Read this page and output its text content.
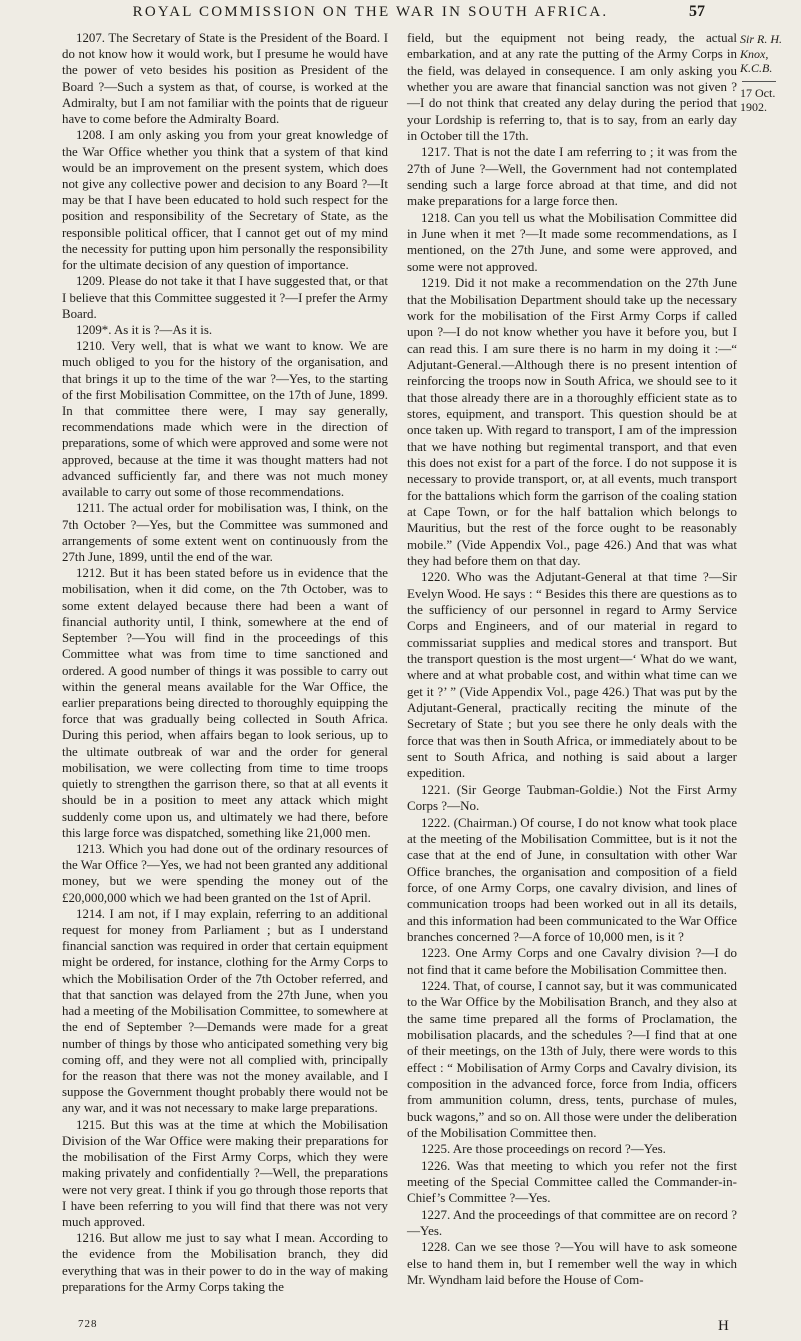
ROYAL COMMISSION ON THE WAR IN SOUTH AFRICA.	57

1207. The Secretary of State is the President of the Board. I do not know how it would work, but I presume he would have the power of veto besides his position as President of the Board ?—Such a system as that, of course, is worked at the Admiralty, but I am not familiar with the points that de rigueur have to come before the Admiralty Board.

1208. I am only asking you from your great knowledge of the War Office whether you think that a system of that kind would be an improvement on the present system, which does not give any collective power and decision to any Board ?—It may be that I have been educated to hold such respect for the position and responsibility of the Secretary of State, as the responsible political officer, that I cannot get out of my mind the necessity for putting upon him personally the responsibility for the ultimate decision of any question of importance.

1209. Please do not take it that I have suggested that, or that I believe that this Committee suggested it ?—I prefer the Army Board.

1209*. As it is ?—As it is.

1210. Very well, that is what we want to know. We are much obliged to you for the history of the organisation, and that brings it up to the time of the war ?—Yes, to the starting of the first Mobilisation Committee, on the 17th of June, 1899. In that committee there were, I may say generally, recommendations made which were in the direction of preparations, some of which were approved and some were not approved, because at the time it was thought matters had not advanced sufficiently far, and there was not much money available to carry out some of those recommendations.

1211. The actual order for mobilisation was, I think, on the 7th October ?—Yes, but the Committee was summoned and arrangements of some extent went on continuously from the 27th June, 1899, until the end of the war.

1212. But it has been stated before us in evidence that the mobilisation, when it did come, on the 7th October, was to some extent delayed because there had been a want of financial authority until, I think, somewhere at the end of September ?—You will find in the proceedings of this Committee what was from time to time sanctioned and ordered. A good number of things it was possible to carry out within the general means available for the War Office, the earlier preparations being directed to thoroughly equipping the force that was gradually being collected in South Africa. During this period, when affairs began to look serious, up to the ultimate outbreak of war and the order for general mobilisation, we were collecting from time to time troops quietly to strengthen the garrison there, so that at all events it should be in a position to meet any attack which might suddenly come upon us, and ultimately we had there, before this large force was dispatched, something like 21,000 men.

1213. Which you had done out of the ordinary resources of the War Office ?—Yes, we had not been granted any additional money, but we were spending the money out of the £20,000,000 which we had been granted on the 1st of April.

1214. I am not, if I may explain, referring to an additional request for money from Parliament ; but as I understand financial sanction was required in order that certain equipment might be ordered, for instance, clothing for the Army Corps to which the Mobilisation Order of the 7th October referred, and that that sanction was delayed from the 27th June, when you had a meeting of the Mobilisation Committee, to somewhere at the end of September ?—Demands were made for a great number of things by those who anticipated something very big coming off, and they were not all complied with, principally for the reason that there was not the money available, and I suppose the Government thought probably there would not be any war, and it was not necessary to make large preparations.

1215. But this was at the time at which the Mobilisation Division of the War Office were making their preparations for the mobilisation of the First Army Corps, which they were making privately and confidentially ?—Well, the preparations were not very great. I think if you go through those reports that I have been referring to you will find that there was not very much approved.

1216. But allow me just to say what I mean. According to the evidence from the Mobilisation branch, they did everything that was in their power to do in the way of making preparations for the Army Corps taking the

field, but the equipment not being ready, the actual embarkation, and at any rate the putting of the Army Corps in the field, was delayed in consequence. I am only asking you whether you are aware that financial sanction was not given ?—I do not think that created any delay during the period that your Lordship is referring to, that is to say, from an early day in October till the 17th.

1217. That is not the date I am referring to ; it was from the 27th of June ?—Well, the Government had not contemplated sending such a large force abroad at that time, and did not make preparations for a large force then.

1218. Can you tell us what the Mobilisation Committee did in June when it met ?—It made some recommendations, as I mentioned, on the 27th June, and some were approved, and some were not approved.

1219. Did it not make a recommendation on the 27th June that the Mobilisation Department should take up the necessary work for the mobilisation of the First Army Corps if called upon ?—I do not know whether you have it before you, but I can read this. I am sure there is no harm in my doing it :—“ Adjutant-General.—Although there is no present intention of reinforcing the troops now in South Africa, we should see to it that those already there are in a thoroughly efficient state as to stores, equipment, and transport. This question should be at once taken up. With regard to transport, I am of the impression that we have nothing but regimental transport, and that even this does not exist for a part of the force. I do not suppose it is necessary to provide transport, or, at all events, much transport for the battalions which form the garrison of the coaling station at Cape Town, or for the half battalion which belongs to Mauritius, but the rest of the force ought to be reasonably mobile.” (Vide Appendix Vol., page 426.) And that was what they had before them on that day.

1220. Who was the Adjutant-General at that time ?—Sir Evelyn Wood. He says : “ Besides this there are questions as to the sufficiency of our personnel in regard to Army Service Corps and Engineers, and of our material in regard to commissariat supplies and medical stores and transport. But the transport question is the most urgent—‘ What do we want, where and at what probable cost, and within what time can we get it ?’ ” (Vide Appendix Vol., page 426.) That was put by the Adjutant-General, practically reciting the minute of the Secretary of State ; but you see there he only deals with the force that was then in South Africa, or immediately about to be sent to South Africa, and nothing is said about a larger expedition.

1221. (Sir George Taubman-Goldie.) Not the First Army Corps ?—No.

1222. (Chairman.) Of course, I do not know what took place at the meeting of the Mobilisation Committee, but is it not the case that at the end of June, in consultation with other War Office branches, the organisation and composition of a field force, of one Army Corps, one cavalry division, and lines of communication troops had been worked out in all its details, and this information had been communicated to the War Office branches concerned ?—A force of 10,000 men, is it ?

1223. One Army Corps and one Cavalry division ?—I do not find that it came before the Mobilisation Committee then.

1224. That, of course, I cannot say, but it was communicated to the War Office by the Mobilisation Branch, and they also at the same time prepared all the forms of Proclamation, the mobilisation placards, and the schedules ?—I find that at one of their meetings, on the 13th of July, there were words to this effect : “ Mobilisation of Army Corps and Cavalry division, its composition in the advanced force, force from India, officers from ammunition column, dress, tents, purchase of mules, buck wagons,” and so on. All those were under the deliberation of the Mobilisation Committee then.

1225. Are those proceedings on record ?—Yes.

1226. Was that meeting to which you refer not the first meeting of the Special Committee called the Commander-in-Chief’s Committee ?—Yes.

1227. And the proceedings of that committee are on record ?—Yes.

1228. Can we see those ?—You will have to ask someone else to hand them in, but I remember well the way in which Mr. Wyndham laid before the House of Com-

Sir R. H.
Knox, K.C.B.
17 Oct. 1902.
728	H
